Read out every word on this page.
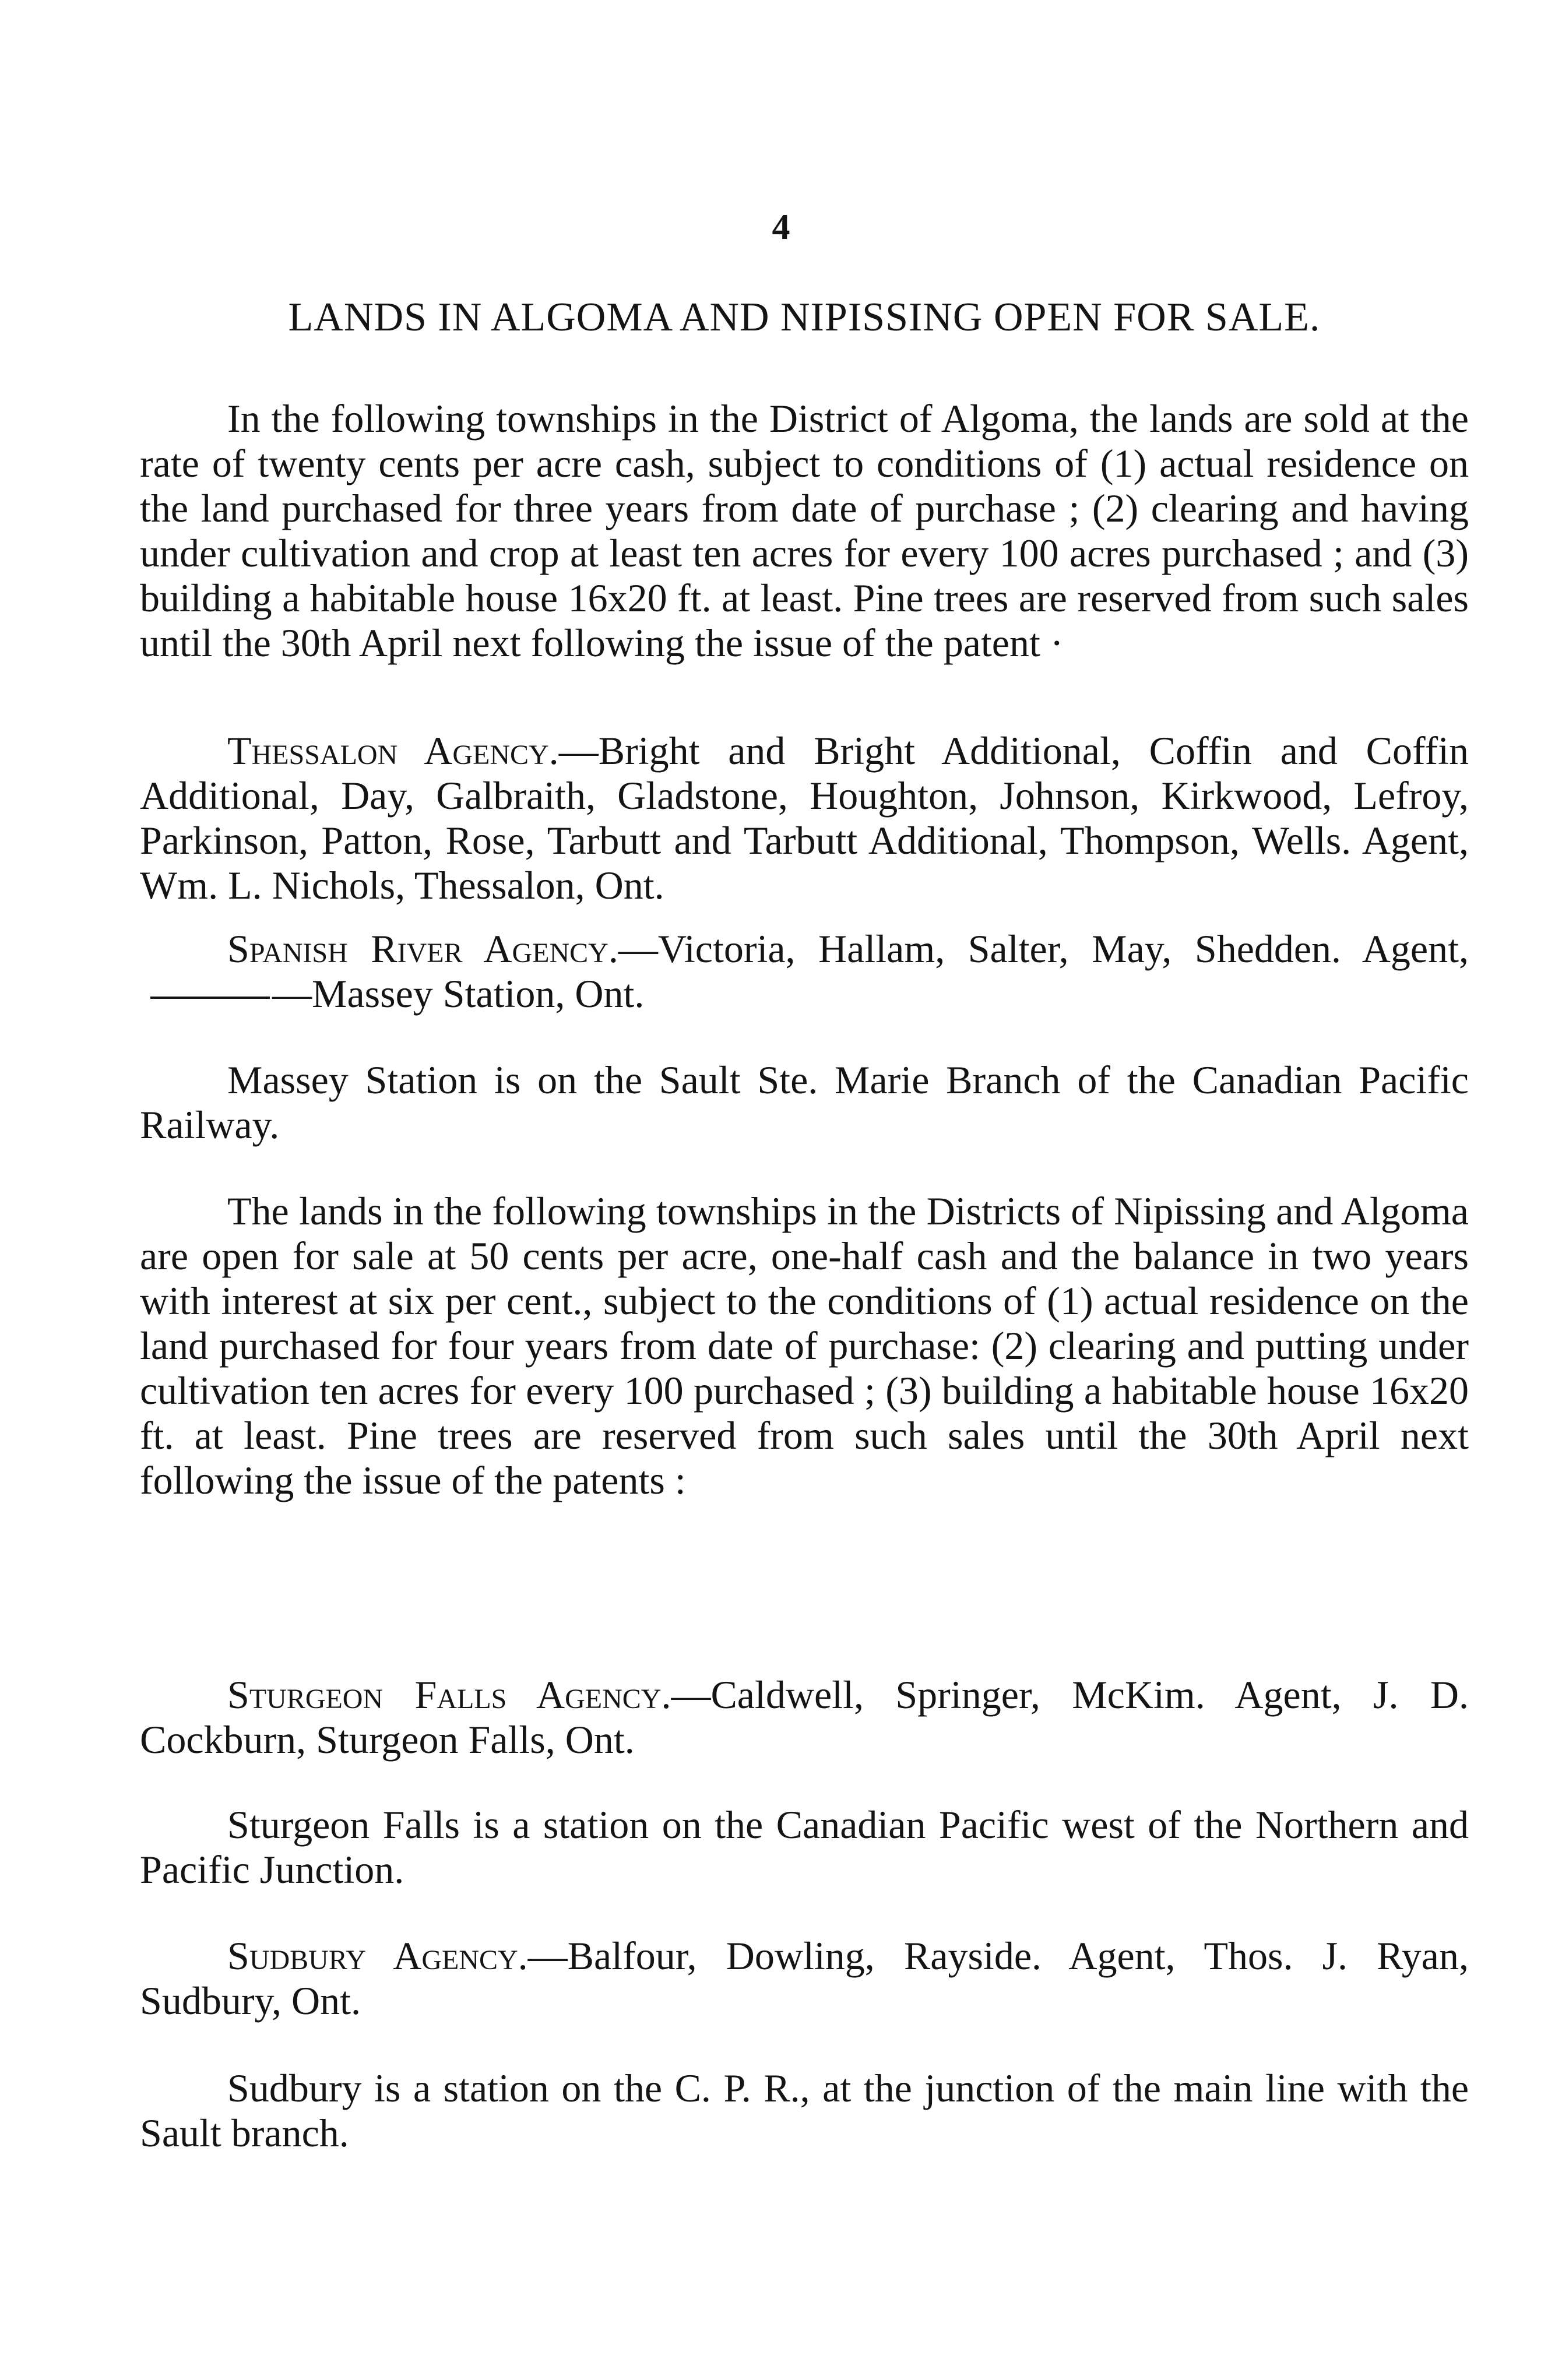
4
LANDS IN ALGOMA AND NIPISSING OPEN FOR SALE.

In the following townships in the District of Algoma, the lands are sold at the rate of twenty cents per acre cash, subject to conditions of (1) actual residence on the land purchased for three years from date of purchase ; (2) clearing and having under cultivation and crop at least ten acres for every 100 acres purchased ; and (3) building a habitable house 16x20 ft. at least. Pine trees are reserved from such sales until the 30th April next following the issue of the patent ·

Thessalon Agency.—Bright and Bright Additional, Coffin and Coffin Additional, Day, Galbraith, Gladstone, Houghton, Johnson, Kirkwood, Lefroy, Parkinson, Patton, Rose, Tarbutt and Tarbutt Additional, Thompson, Wells. Agent, Wm. L. Nichols, Thessalon, Ont.

Spanish River Agency.—Victoria, Hallam, Salter, May, Shedden. Agent,—Massey Station, Ont.

Massey Station is on the Sault Ste. Marie Branch of the Canadian Pacific Railway.

The lands in the following townships in the Districts of Nipissing and Algoma are open for sale at 50 cents per acre, one-half cash and the balance in two years with interest at six per cent., subject to the conditions of (1) actual residence on the land purchased for four years from date of purchase: (2) clearing and putting under cultivation ten acres for every 100 purchased ; (3) building a habitable house 16x20 ft. at least. Pine trees are reserved from such sales until the 30th April next following the issue of the patents :

Sturgeon Falls Agency.—Caldwell, Springer, McKim. Agent, J. D. Cockburn, Sturgeon Falls, Ont.

Sturgeon Falls is a station on the Canadian Pacific west of the Northern and Pacific Junction.

Sudbury Agency.—Balfour, Dowling, Rayside. Agent, Thos. J. Ryan, Sudbury, Ont.

Sudbury is a station on the C. P. R., at the junction of the main line with the Sault branch.
